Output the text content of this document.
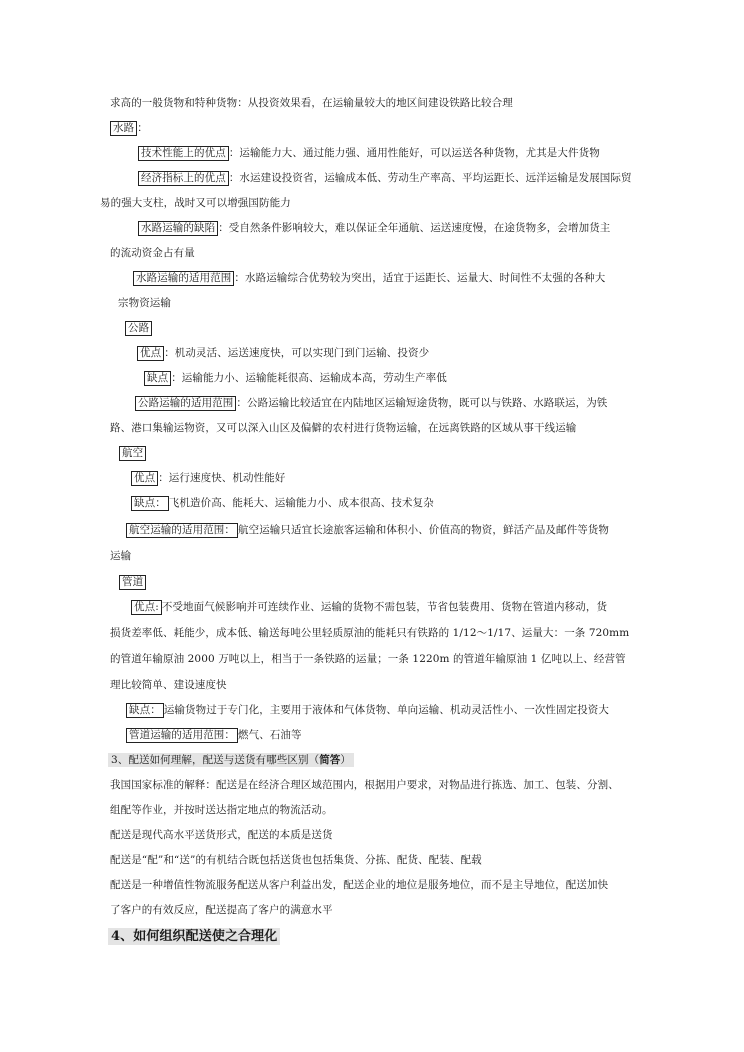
求高的一般货物和特种货物：从投资效果看，在运输量较大的地区间建设铁路比较合理
水路 ：
技术性能上的优点 ：运输能力大、通过能力强、通用性能好，可以运送各种货物，尤其是大件货物
经济指标上的优点 ：水运建设投资省，运输成本低、劳动生产率高、平均运距长、远洋运输是发展国际贸
易的强大支柱，战时又可以增强国防能力
水路运输的缺陷 ：受自然条件影响较大，难以保证全年通航、运送速度慢，在途货物多，会增加货主
的流动资金占有量
水路运输的适用范围 ：水路运输综合优势较为突出，适宜于运距长、运量大、时间性不太强的各种大
宗物资运输
公路
优点 ：机动灵活、运送速度快，可以实现门到门运输、投资少
缺点 ：运输能力小、运输能耗很高、运输成本高，劳动生产率低
公路运输的适用范围 ：公路运输比较适宜在内陆地区运输短途货物，既可以与铁路、水路联运，为铁
路、港口集输运物资，又可以深入山区及偏僻的农村进行货物运输，在远离铁路的区域从事干线运输
航空
优点 ：运行速度快、机动性能好
缺点： 飞机造价高、能耗大、运输能力小、成本很高、技术复杂
航空运输的适用范围： 航空运输只适宜长途旅客运输和体积小、价值高的物资，鲜活产品及邮件等货物
运输
管道
优点: 不受地面气候影响并可连续作业、运输的货物不需包装，节省包装费用、货物在管道内移动，货
损货差率低、耗能少，成本低、输送每吨公里轻质原油的能耗只有铁路的 1/12～1/17、运量大：一条 720mm
的管道年输原油 2000 万吨以上，相当于一条铁路的运量；一条 1220m 的管道年输原油 1 亿吨以上、经营管
理比较简单、建设速度快
缺点： 运输货物过于专门化，主要用于液体和气体货物、单向运输、机动灵活性小、一次性固定投资大
管道运输的适用范围： 燃气、石油等
3、配送如何理解，配送与送货有哪些区别（简答）
我国国家标准的解释：配送是在经济合理区域范围内，根据用户要求，对物品进行拣选、加工、包装、分割、
组配等作业，并按时送达指定地点的物流活动。
配送是现代高水平送货形式，配送的本质是送货
配送是“配”和“送”的有机结合既包括送货也包括集货、分拣、配货、配装、配载
配送是一种增值性物流服务配送从客户利益出发，配送企业的地位是服务地位，而不是主导地位，配送加快
了客户的有效反应，配送提高了客户的满意水平
4、如何组织配送使之合理化
